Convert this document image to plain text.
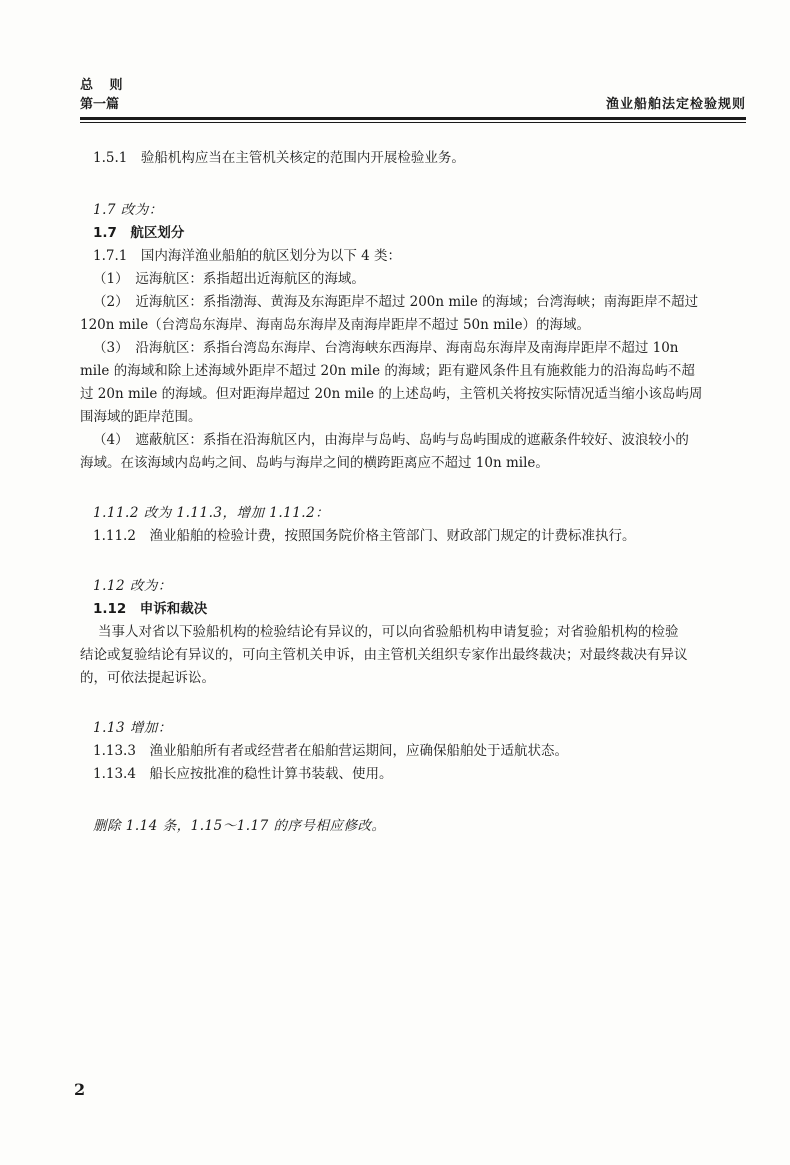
总 则
第一篇	渔业船舶法定检验规则
1.5.1　验船机构应当在主管机关核定的范围内开展检验业务。
1.7 改为：
1.7　航区划分
1.7.1　国内海洋渔业船舶的航区划分为以下 4 类：
（1）　远海航区：系指超出近海航区的海域。
（2）　近海航区：系指渤海、黄海及东海距岸不超过 200n mile 的海域；台湾海峡；南海距岸不超过
120n mile（台湾岛东海岸、海南岛东海岸及南海岸距岸不超过 50n mile）的海域。
（3）　沿海航区：系指台湾岛东海岸、台湾海峡东西海岸、海南岛东海岸及南海岸距岸不超过 10n
mile 的海域和除上述海域外距岸不超过 20n mile 的海域；距有避风条件且有施救能力的沿海岛屿不超
过 20n mile 的海域。但对距海岸超过 20n mile 的上述岛屿，主管机关将按实际情况适当缩小该岛屿周
围海域的距岸范围。
（4）　遮蔽航区：系指在沿海航区内，由海岸与岛屿、岛屿与岛屿围成的遮蔽条件较好、波浪较小的
海域。在该海域内岛屿之间、岛屿与海岸之间的横跨距离应不超过 10n mile。
1.11.2 改为 1.11.3，增加 1.11.2：
1.11.2　渔业船舶的检验计费，按照国务院价格主管部门、财政部门规定的计费标准执行。
1.12 改为：
1.12　申诉和裁决
当事人对省以下验船机构的检验结论有异议的，可以向省验船机构申请复验；对省验船机构的检验
结论或复验结论有异议的，可向主管机关申诉，由主管机关组织专家作出最终裁决；对最终裁决有异议
的，可依法提起诉讼。
1.13 增加：
1.13.3　渔业船舶所有者或经营者在船舶营运期间，应确保船舶处于适航状态。
1.13.4　船长应按批准的稳性计算书装载、使用。
删除 1.14 条，1.15～1.17 的序号相应修改。
2
